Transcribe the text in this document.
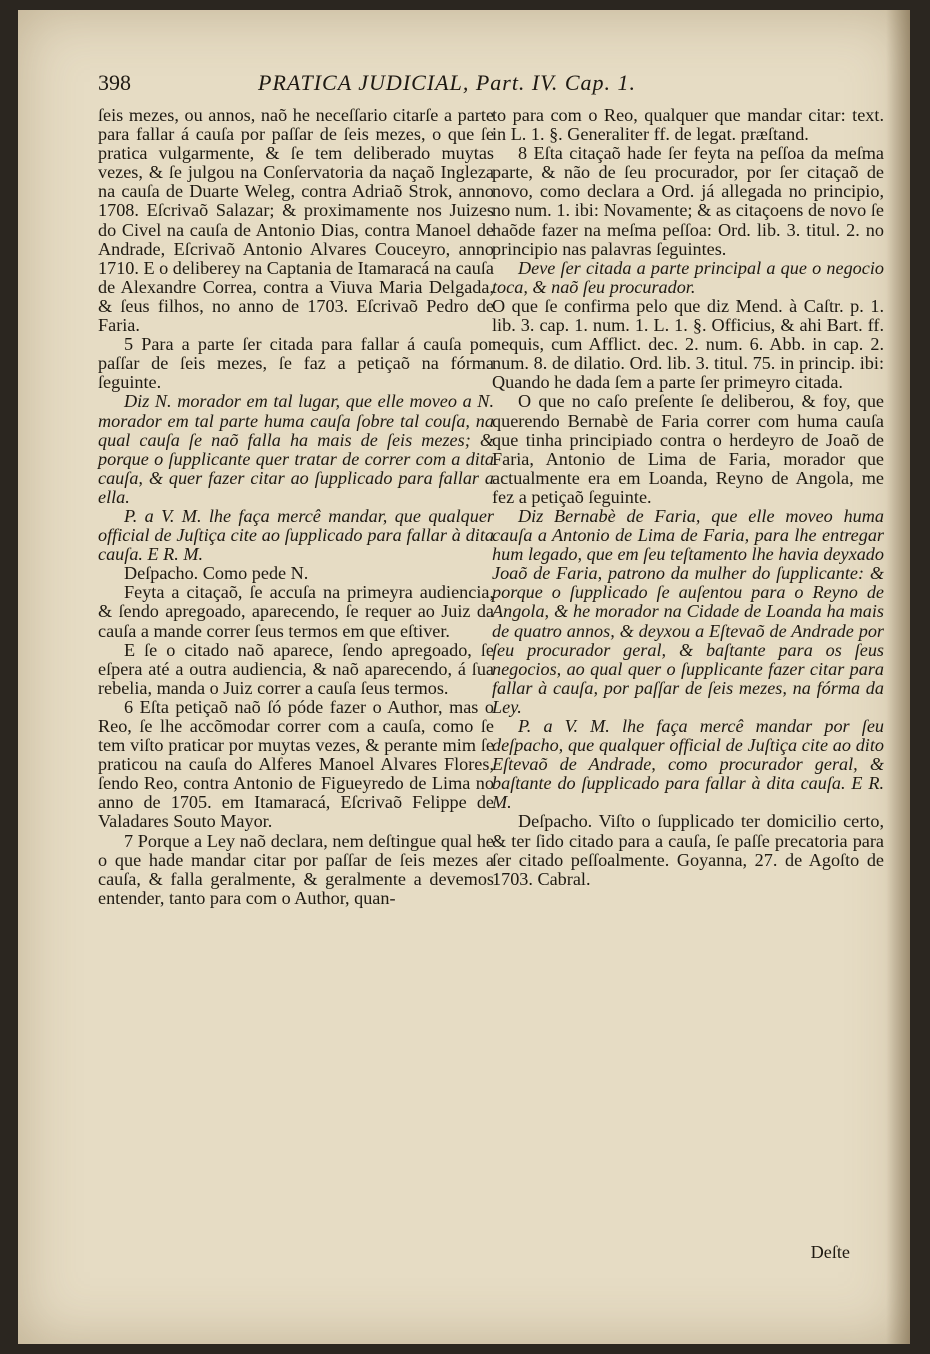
398	PRATICA JUDICIAL, Part. IV. Cap. 1.

ſeis mezes, ou annos, naõ he neceſſario citarſe a parte para fallar á cauſa por paſſar de ſeis mezes, o que ſe pratica vulgarmente, & ſe tem deliberado muytas vezes, & ſe julgou na Conſervatoria da naçaõ Ingleza na cauſa de Duarte Weleg, contra Adriaõ Strok, anno 1708. Eſcrivaõ Salazar; & proximamente nos Juizes do Civel na cauſa de Antonio Dias, contra Manoel de Andrade, Eſcrivaõ Antonio Alvares Couceyro, anno 1710. E o deliberey na Captania de Itamaracá na cauſa de Alexandre Correa, contra a Viuva Maria Delgada, & ſeus filhos, no anno de 1703. Eſcrivaõ Pedro de Faria.

5 Para a parte ſer citada para fallar á cauſa por paſſar de ſeis mezes, ſe faz a petiçaõ na fórma ſeguinte.

Diz N. morador em tal lugar, que elle moveo a N. morador em tal parte huma cauſa ſobre tal couſa, na qual cauſa ſe naõ falla ha mais de ſeis mezes; & porque o ſupplicante quer tratar de correr com a dita cauſa, & quer fazer citar ao ſupplicado para fallar a ella.

P. a V. M. lhe faça mercê mandar, que qualquer official de Juſtiça cite ao ſupplicado para fallar à dita cauſa. E R. M.

Deſpacho. Como pede N.

Feyta a citaçaõ, ſe accuſa na primeyra audiencia, & ſendo apregoado, aparecendo, ſe requer ao Juiz da cauſa a mande correr ſeus termos em que eſtiver.

E ſe o citado naõ aparece, ſendo apregoado, ſe eſpera até a outra audiencia, & naõ aparecendo, á ſua rebelia, manda o Juiz correr a cauſa ſeus termos.

6 Eſta petiçaõ naõ ſó póde fazer o Author, mas o Reo, ſe lhe accõmodar correr com a cauſa, como ſe tem viſto praticar por muytas vezes, & perante mim ſe praticou na cauſa do Alferes Manoel Alvares Flores, ſendo Reo, contra Antonio de Figueyredo de Lima no anno de 1705. em Itamaracá, Eſcrivaõ Felippe de Valadares Souto Mayor.

7 Porque a Ley naõ declara, nem deſtingue qual he o que hade mandar citar por paſſar de ſeis mezes a cauſa, & falla geralmente, & geralmente a devemos entender, tanto para com o Author, quan-

to para com o Reo, qualquer que mandar citar: text. in L. 1. §. Generaliter ff. de legat. præſtand.

8 Eſta citaçaõ hade ſer feyta na peſſoa da meſma parte, & não de ſeu procurador, por ſer citaçaõ de novo, como declara a Ord. já allegada no principio, no num. 1. ibi: Novamente; & as citaçoens de novo ſe haõde fazer na meſma peſſoa: Ord. lib. 3. titul. 2. no principio nas palavras ſeguintes.

Deve ſer citada a parte principal a que o negocio toca, & naõ ſeu procurador.

O que ſe confirma pelo que diz Mend. à Caſtr. p. 1. lib. 3. cap. 1. num. 1. L. 1. §. Officius, & ahi Bart. ff. nequis, cum Afflict. dec. 2. num. 6. Abb. in cap. 2. num. 8. de dilatio. Ord. lib. 3. titul. 75. in princip. ibi: Quando he dada ſem a parte ſer primeyro citada.

O que no caſo preſente ſe deliberou, & foy, que querendo Bernabè de Faria correr com huma cauſa que tinha principiado contra o herdeyro de Joaõ de Faria, Antonio de Lima de Faria, morador que actualmente era em Loanda, Reyno de Angola, me fez a petiçaõ ſeguinte.

Diz Bernabè de Faria, que elle moveo huma cauſa a Antonio de Lima de Faria, para lhe entregar hum legado, que em ſeu teſtamento lhe havia deyxado Joaõ de Faria, patrono da mulher do ſupplicante: & porque o ſupplicado ſe auſentou para o Reyno de Angola, & he morador na Cidade de Loanda ha mais de quatro annos, & deyxou a Eſtevaõ de Andrade por ſeu procurador geral, & baſtante para os ſeus negocios, ao qual quer o ſupplicante fazer citar para fallar à cauſa, por paſſar de ſeis mezes, na fórma da Ley.

P. a V. M. lhe faça mercê mandar por ſeu deſpacho, que qualquer official de Juſtiça cite ao dito Eſtevaõ de Andrade, como procurador geral, & baſtante do ſupplicado para fallar à dita cauſa. E R. M.

Deſpacho. Viſto o ſupplicado ter domicilio certo, & ter ſido citado para a cauſa, ſe paſſe precatoria para ſer citado peſſoalmente. Goyanna, 27. de Agoſto de 1703. Cabral.

Deſte
